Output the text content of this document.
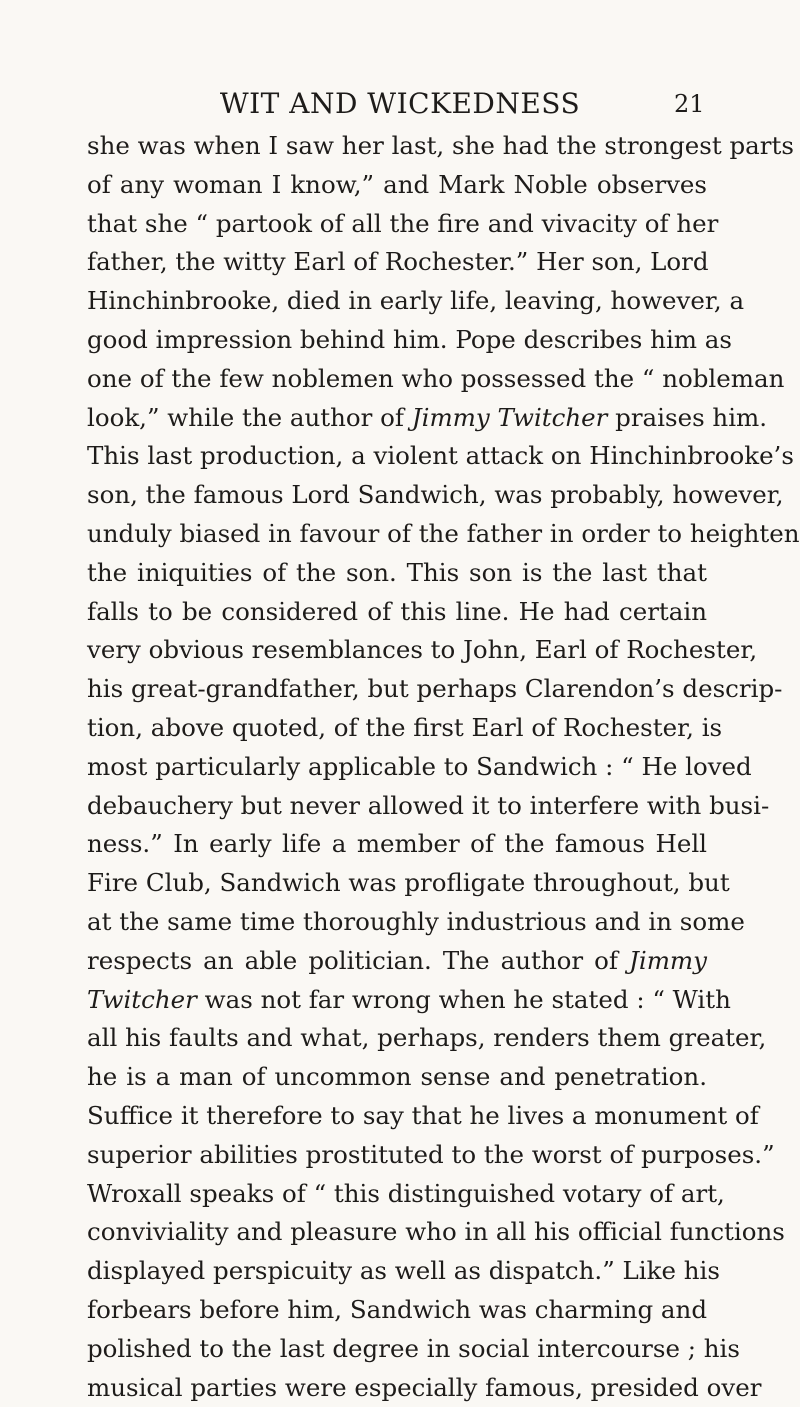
WIT AND WICKEDNESS	21
she was when I saw her last, she had the strongest parts
of any woman I know,” and Mark Noble observes
that she “ partook of all the fire and vivacity of her
father, the witty Earl of Rochester.” Her son, Lord
Hinchinbrooke, died in early life, leaving, however, a
good impression behind him. Pope describes him as
one of the few noblemen who possessed the “ nobleman
look,” while the author of Jimmy Twitcher praises him.
This last production, a violent attack on Hinchinbrooke’s
son, the famous Lord Sandwich, was probably, however,
unduly biased in favour of the father in order to heighten
the iniquities of the son. This son is the last that
falls to be considered of this line. He had certain
very obvious resemblances to John, Earl of Rochester,
his great-grandfather, but perhaps Clarendon’s descrip-
tion, above quoted, of the first Earl of Rochester, is
most particularly applicable to Sandwich : “ He loved
debauchery but never allowed it to interfere with busi-
ness.” In early life a member of the famous Hell
Fire Club, Sandwich was profligate throughout, but
at the same time thoroughly industrious and in some
respects an able politician. The author of Jimmy
Twitcher was not far wrong when he stated : “ With
all his faults and what, perhaps, renders them greater,
he is a man of uncommon sense and penetration.
Suffice it therefore to say that he lives a monument of
superior abilities prostituted to the worst of purposes.”
Wroxall speaks of “ this distinguished votary of art,
conviviality and pleasure who in all his official functions
displayed perspicuity as well as dispatch.” Like his
forbears before him, Sandwich was charming and
polished to the last degree in social intercourse ; his
musical parties were especially famous, presided over
